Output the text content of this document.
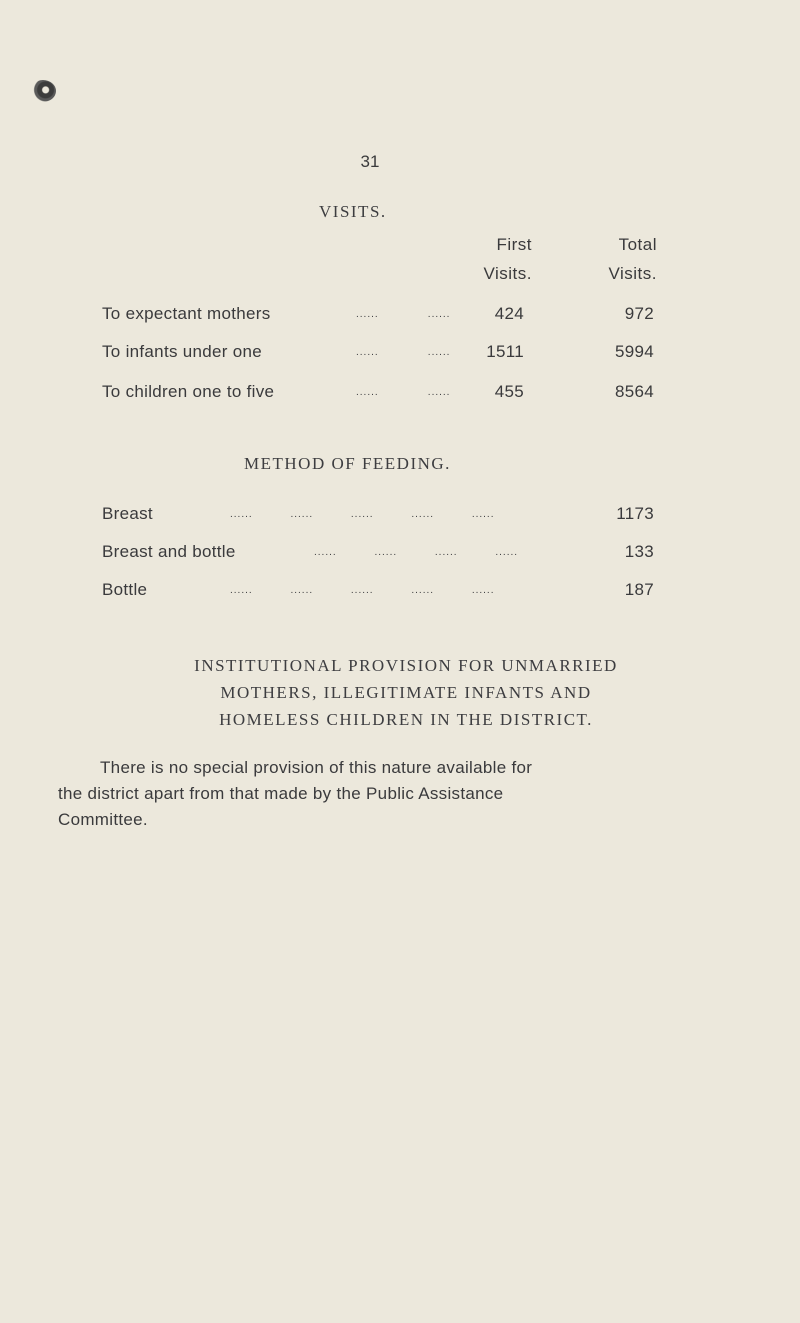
31
VISITS.
First
Visits.
Total
Visits.
To expectant mothers	......             ......	424	972
To infants under one	......             ......	1511	5994
To children one to five	......             ......	455	8564
METHOD OF FEEDING.
Breast	......          ......          ......          ......          ......	1173
Breast and bottle	......          ......          ......          ......	133
Bottle	......          ......          ......          ......          ......	187
INSTITUTIONAL PROVISION FOR UNMARRIED
MOTHERS, ILLEGITIMATE INFANTS AND
HOMELESS CHILDREN IN THE DISTRICT.
There is no special provision of this nature available for
the district apart from that made by the Public Assistance
Committee.
